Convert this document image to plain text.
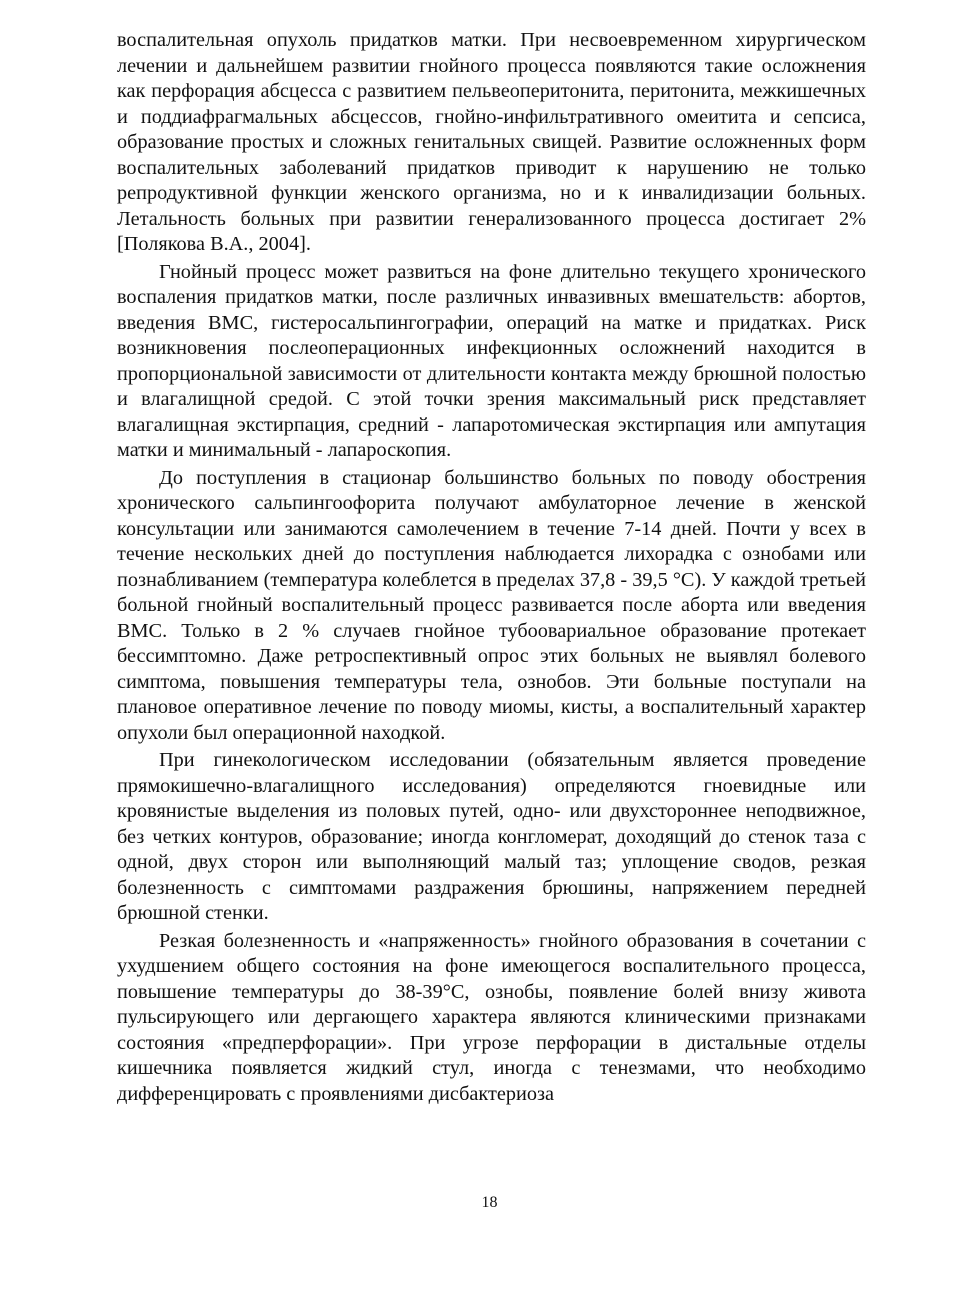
воспалительная опухоль придатков матки. При несвоевременном хирургическом лечении и дальнейшем развитии гнойного процесса появляются такие осложнения как перфорация абсцесса с развитием пельвеоперитонита, перитонита, межкишечных и поддиафрагмальных абсцессов, гнойно-инфильтративного омеитита и сепсиса, образование простых и сложных генитальных свищей. Развитие осложненных форм воспалительных заболеваний придатков приводит к нарушению не только репродуктивной функции женского организма, но и к инвалидизации больных. Летальность больных при развитии генерализованного процесса достигает 2% [Полякова В.А., 2004].

Гнойный процесс может развиться на фоне длительно текущего хронического воспаления придатков матки, после различных инвазивных вмешательств: абортов, введения ВМС, гистеросальпингографии, операций на матке и придатках. Риск возникновения послеоперационных инфекционных осложнений находится в пропорциональной зависимости от длительности контакта между брюшной полостью и влагалищной средой. С этой точки зрения максимальный риск представляет влагалищная экстирпация, средний - лапаротомическая экстирпация или ампутация матки и минимальный - лапароскопия.

До поступления в стационар большинство больных по поводу обострения хронического сальпингоофорита получают амбулаторное лечение в женской консультации или занимаются самолечением в течение 7-14 дней. Почти у всех в течение нескольких дней до поступления наблюдается лихорадка с ознобами или познабливанием (температура колеблется в пределах 37,8 - 39,5 °С). У каждой третьей больной гнойный воспалительный процесс развивается после аборта или введения ВМС. Только в 2 % случаев гнойное тубоовариальное образование протекает бессимптомно. Даже ретроспективный опрос этих больных не выявлял болевого симптома, повышения температуры тела, ознобов. Эти больные поступали на плановое оперативное лечение по поводу миомы, кисты, а воспалительный характер опухоли был операционной находкой.

При гинекологическом исследовании (обязательным является проведение прямокишечно-влагалищного исследования) определяются гноевидные или кровянистые выделения из половых путей, одно- или двухстороннее неподвижное, без четких контуров, образование; иногда конгломерат, доходящий до стенок таза с одной, двух сторон или выполняющий малый таз; уплощение сводов, резкая болезненность с симптомами раздражения брюшины, напряжением передней брюшной стенки.

Резкая болезненность и «напряженность» гнойного образования в сочетании с ухудшением общего состояния на фоне имеющегося воспалительного процесса, повышение температуры до 38-39°С, ознобы, появление болей внизу живота пульсирующего или дергающего характера являются клиническими признаками состояния «предперфорации». При угрозе перфорации в дистальные отделы кишечника появляется жидкий стул, иногда с тенезмами, что необходимо дифференцировать с проявлениями дисбактериоза

18
